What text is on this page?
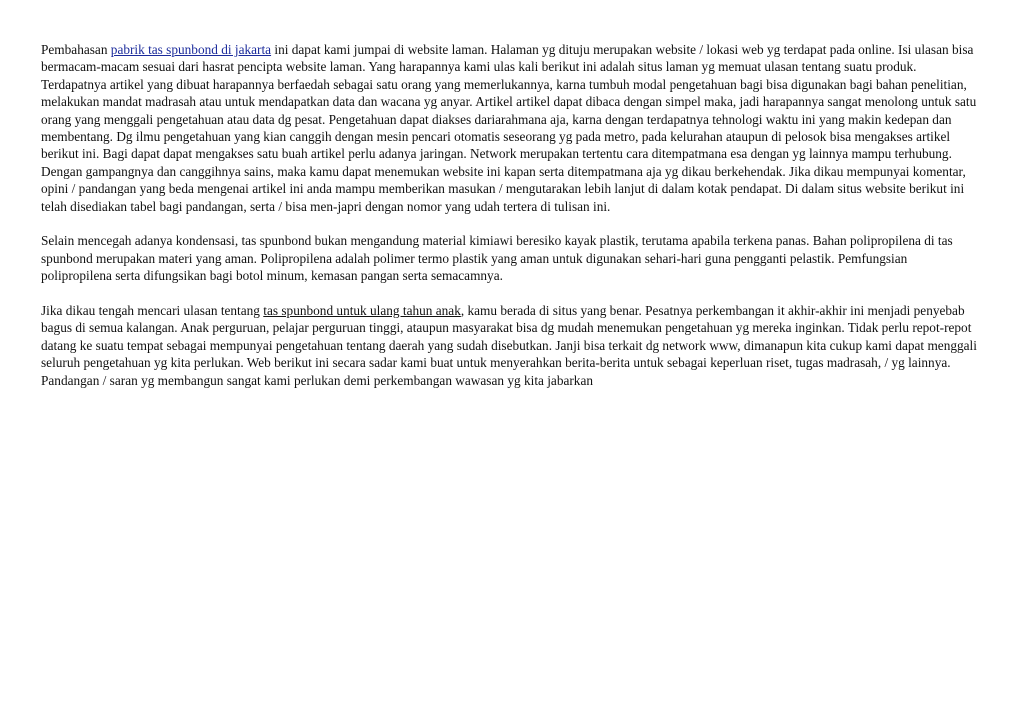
Pembahasan pabrik tas spunbond di jakarta ini dapat kami jumpai di website laman. Halaman yg dituju merupakan website / lokasi web yg terdapat pada online. Isi ulasan bisa bermacam-macam sesuai dari hasrat pencipta website laman. Yang harapannya kami ulas kali berikut ini adalah situs laman yg memuat ulasan tentang suatu produk. Terdapatnya artikel yang dibuat harapannya berfaedah sebagai satu orang yang memerlukannya, karna tumbuh modal pengetahuan bagi bisa digunakan bagi bahan penelitian, melakukan mandat madrasah atau untuk mendapatkan data dan wacana yg anyar. Artikel artikel dapat dibaca dengan simpel maka, jadi harapannya sangat menolong untuk satu orang yang menggali pengetahuan atau data dg pesat. Pengetahuan dapat diakses dariarahmana aja, karna dengan terdapatnya tehnologi waktu ini yang makin kedepan dan membentang. Dg ilmu pengetahuan yang kian canggih dengan mesin pencari otomatis seseorang yg pada metro, pada kelurahan ataupun di pelosok bisa mengakses artikel berikut ini. Bagi dapat dapat mengakses satu buah artikel perlu adanya jaringan. Network merupakan tertentu cara ditempatmana esa dengan yg lainnya mampu terhubung. Dengan gampangnya dan canggihnya sains, maka kamu dapat menemukan website ini kapan serta ditempatmana aja yg dikau berkehendak. Jika dikau mempunyai komentar, opini / pandangan yang beda mengenai artikel ini anda mampu memberikan masukan / mengutarakan lebih lanjut di dalam kotak pendapat. Di dalam situs website berikut ini telah disediakan tabel bagi pandangan, serta / bisa men-japri dengan nomor yang udah tertera di tulisan ini.

Selain mencegah adanya kondensasi, tas spunbond bukan mengandung material kimiawi beresiko kayak plastik, terutama apabila terkena panas. Bahan polipropilena di tas spunbond merupakan materi yang aman. Polipropilena adalah polimer termo plastik yang aman untuk digunakan sehari-hari guna pengganti pelastik. Pemfungsian polipropilena serta difungsikan bagi botol minum, kemasan pangan serta semacamnya.

Jika dikau tengah mencari ulasan tentang tas spunbond untuk ulang tahun anak, kamu berada di situs yang benar. Pesatnya perkembangan it akhir-akhir ini menjadi penyebab bagus di semua kalangan. Anak perguruan, pelajar perguruan tinggi, ataupun masyarakat bisa dg mudah menemukan pengetahuan yg mereka inginkan. Tidak perlu repot-repot datang ke suatu tempat sebagai mempunyai pengetahuan tentang daerah yang sudah disebutkan. Janji bisa terkait dg network www, dimanapun kita cukup kami dapat menggali seluruh pengetahuan yg kita perlukan. Web berikut ini secara sadar kami buat untuk menyerahkan berita-berita untuk sebagai keperluan riset, tugas madrasah, / yg lainnya. Pandangan / saran yg membangun sangat kami perlukan demi perkembangan wawasan yg kita jabarkan
